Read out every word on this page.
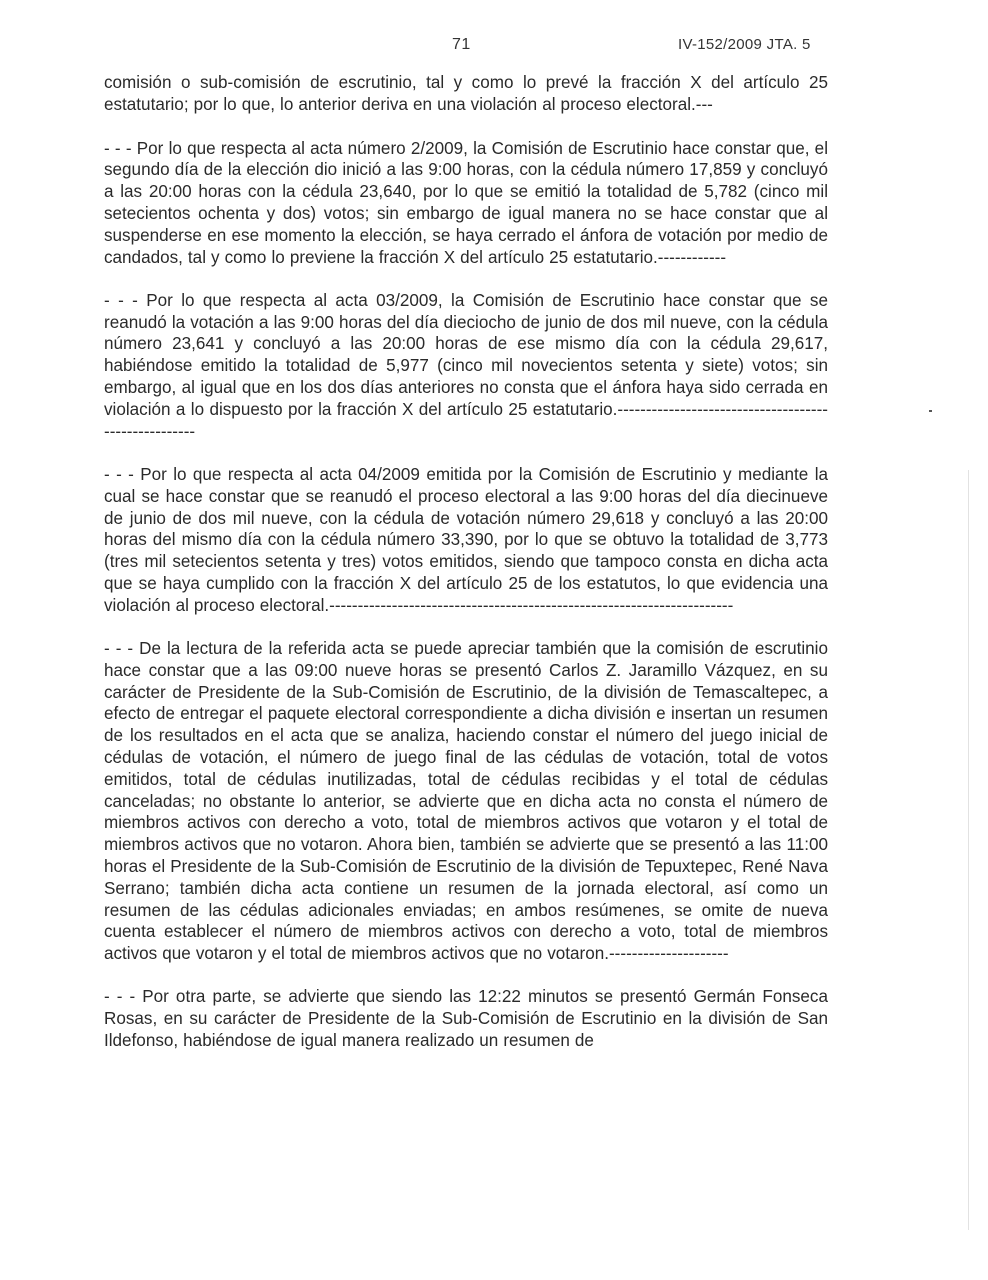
71	IV-152/2009 JTA. 5

comisión o sub-comisión de escrutinio, tal y como lo prevé la fracción X del artículo 25 estatutario; por lo que, lo anterior deriva en una violación al proceso electoral.---

- - - Por lo que respecta al acta número 2/2009, la Comisión de Escrutinio hace constar que, el segundo día de la elección dio inició a las 9:00 horas, con la cédula número 17,859 y concluyó a las 20:00 horas con la cédula 23,640, por lo que se emitió la totalidad de 5,782 (cinco mil setecientos ochenta y dos) votos; sin embargo de igual manera no se hace constar que al suspenderse en ese momento la elección, se haya cerrado el ánfora de votación por medio de candados, tal y como lo previene la fracción X del artículo 25 estatutario.------------

- - - Por lo que respecta al acta 03/2009, la Comisión de Escrutinio hace constar que se reanudó la votación a las 9:00 horas del día dieciocho de junio de dos mil nueve, con la cédula número 23,641 y concluyó a las 20:00 horas de ese mismo día con la cédula 29,617, habiéndose emitido la totalidad de 5,977 (cinco mil novecientos setenta y siete) votos; sin embargo, al igual que en los dos días anteriores no consta que el ánfora haya sido cerrada en violación a lo dispuesto por la fracción X del artículo 25 estatutario.-----------------------------------------------------

- - - Por lo que respecta al acta 04/2009 emitida por la Comisión de Escrutinio y mediante la cual se hace constar que se reanudó el proceso electoral a las 9:00 horas del día diecinueve de junio de dos mil nueve, con la cédula de votación número 29,618 y concluyó a las 20:00 horas del mismo día con la cédula número 33,390, por lo que se obtuvo la totalidad de 3,773 (tres mil setecientos setenta y tres) votos emitidos, siendo que tampoco consta en dicha acta que se haya cumplido con la fracción X del artículo 25 de los estatutos, lo que evidencia una violación al proceso electoral.-----------------------------------------------------------------------

- - - De la lectura de la referida acta se puede apreciar también que la comisión de escrutinio hace constar que a las 09:00 nueve horas se presentó Carlos Z. Jaramillo Vázquez, en su carácter de Presidente de la Sub-Comisión de Escrutinio, de la división de Temascaltepec, a efecto de entregar el paquete electoral correspondiente a dicha división e insertan un resumen de los resultados en el acta que se analiza, haciendo constar el número del juego inicial de cédulas de votación, el número de juego final de las cédulas de votación, total de votos emitidos, total de cédulas inutilizadas, total de cédulas recibidas y el total de cédulas canceladas; no obstante lo anterior, se advierte que en dicha acta no consta el número de miembros activos con derecho a voto, total de miembros activos que votaron y el total de miembros activos que no votaron. Ahora bien, también se advierte que se presentó a las 11:00 horas el Presidente de la Sub-Comisión de Escrutinio de la división de Tepuxtepec, René Nava Serrano; también dicha acta contiene un resumen de la jornada electoral, así como un resumen de las cédulas adicionales enviadas; en ambos resúmenes, se omite de nueva cuenta establecer el número de miembros activos con derecho a voto, total de miembros activos que votaron y el total de miembros activos que no votaron.---------------------

- - - Por otra parte, se advierte que siendo las 12:22 minutos se presentó Germán Fonseca Rosas, en su carácter de Presidente de la Sub-Comisión de Escrutinio en la división de San Ildefonso, habiéndose de igual manera realizado un resumen de
